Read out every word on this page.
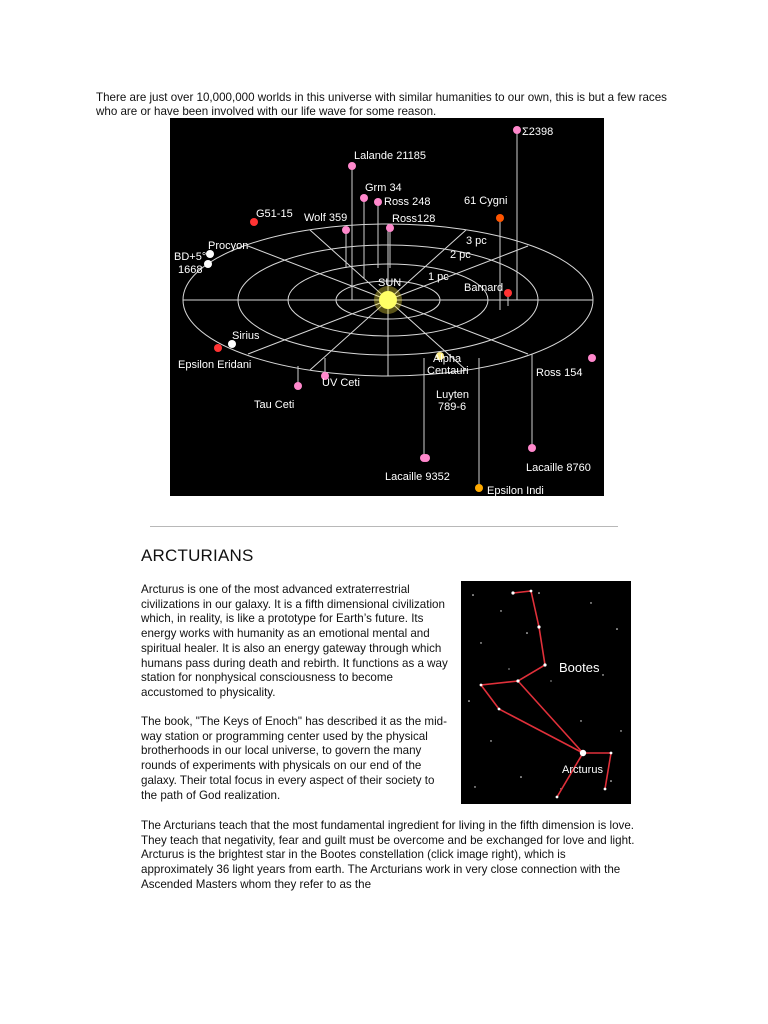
There are just over 10,000,000 worlds in this universe with similar humanities to our own, this is but a few races who are or have been involved with our life wave for some reason.

SUN 1 pc
2 pc
3 pc
Σ2398
Lalande 21185
Grm 34
Ross 248
G51-15 Wolf 359	Ross128
61 Cygni
Procyon
BD+5°
1668
Barnard
Sirius
Epsilon Eridani	Alpha
Centauri
UV Ceti
Tau Ceti
Ross 154
Luyten
789-6
Lacaille 8760
Lacaille 9352
Epsilon Indi
ARCTURIANS

Arcturus is one of the most advanced extraterrestrial civilizations in our galaxy. It is a fifth dimensional civilization which, in reality, is like a prototype for Earth’s future. Its energy works with humanity as an emotional mental and spiritual healer. It is also an energy gateway through which humans pass during death and rebirth. It functions as a way station for nonphysical consciousness to become accustomed to physicality.

The book, "The Keys of Enoch" has described it as the mid-way station or programming center used by the physical brotherhoods in our local universe, to govern the many rounds of experiments with physicals on our end of the galaxy. Their total focus in every aspect of their society to the path of God realization.

Bootes
Arcturus

The Arcturians teach that the most fundamental ingredient for living in the fifth dimension is love. They teach that negativity, fear and guilt must be overcome and be exchanged for love and light. Arcturus is the brightest star in the Bootes constellation (click image right), which is approximately 36 light years from earth. The Arcturians work in very close connection with the Ascended Masters whom they refer to as the
